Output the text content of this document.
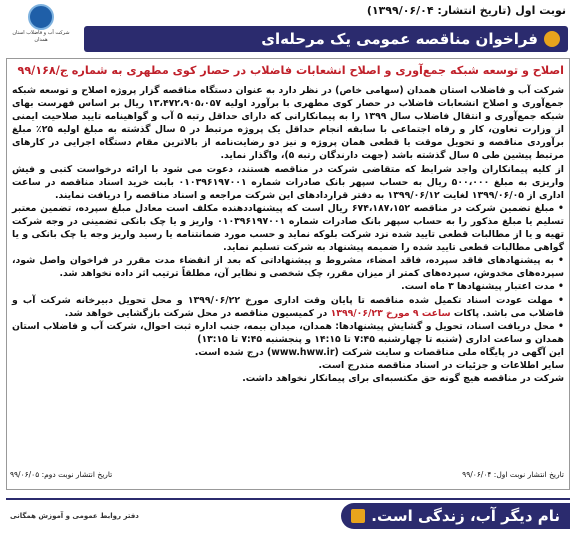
نوبت اول (تاریخ انتشار: ۱۳۹۹/۰۶/۰۴)
شرکت آب و فاضلاب استان همدان	فراخوان مناقصه عمومی یک مرحله‌ای
اصلاح و توسعه شبکه جمع‌آوری و اصلاح انشعابات فاضلاب در حصار کوی مطهری به شماره ج/۹۹/۱۶۸

شرکت آب و فاضلاب استان همدان (سهامی خاص) در نظر دارد به عنوان دستگاه مناقصه گزار پروژه اصلاح و توسعه شبکه جمع‌آوری و اصلاح انشعابات فاضلاب در حصار کوی مطهری با برآورد اولیه ۱۳،۴۷۲،۹۰۵،۰۵۷ ریال بر اساس فهرست بهای شبکه جمع‌آوری و انتقال فاضلاب سال ۱۳۹۹ را به پیمانکارانی که دارای حداقل رتبه ۵ آب و گواهینامه تایید صلاحیت ایمنی از وزارت تعاون، کار و رفاه اجتماعی با سابقه انجام حداقل یک پروژه مرتبط در ۵ سال گذشته به مبلغ اولیه ۲۵٪ مبلغ برآوردی مناقصه و تحویل موقت یا قطعی همان پروژه و نیز دو رضایت‌نامه از بالاترین مقام دستگاه اجرایی در کارهای مرتبط پیشین طی ۵ سال گذشته باشد (جهت دارندگان رتبه ۵)، واگذار نماید.

از کلیه پیمانکاران واجد شرایط که متقاضی شرکت در مناقصه هستند، دعوت می شود با ارائه درخواست کتبی و فیش واریزی به مبلغ ۵۰۰،۰۰۰ ریال به حساب سپهر بانک صادرات شماره ۰۱۰۳۹۶۱۹۷۰۰۱ بابت خرید اسناد مناقصه در ساعت اداری از ۱۳۹۹/۰۶/۰۵ لغایت ۱۳۹۹/۰۶/۱۲ به دفتر قراردادهای این شرکت مراجعه و اسناد مناقصه را دریافت نمایند.

• مبلغ تضمین شرکت در مناقصه ۶۷۴،۱۸۷،۱۵۲ ریال است که پیشنهاددهنده مکلف است معادل مبلغ سپرده، تضمین معتبر تسلیم یا مبلغ مذکور را به حساب سپهر بانک صادرات شماره ۰۱۰۳۹۶۱۹۷۰۰۱ واریز و یا چک بانکی تضمینی در وجه شرکت تهیه و یا از مطالبات قطعی تایید شده نزد شرکت بلوکه نماید و حسب مورد ضمانتنامه یا رسید واریز وجه یا چک بانکی و یا گواهی مطالبات قطعی تایید شده را ضمیمه پیشنهاد به شرکت تسلیم نماید.

• به پیشنهادهای فاقد سپرده، فاقد امضاء، مشروط و پیشنهاداتی که بعد از انقضاء مدت مقرر در فراخوان واصل شود، سپرده‌های مخدوش، سپرده‌های کمتر از میزان مقرر، چک شخصی و نظایر آن، مطلقاً ترتیب اثر داده نخواهد شد.

• مدت اعتبار پیشنهادها ۳ ماه است.

• مهلت عودت اسناد تکمیل شده مناقصه تا پایان وقت اداری مورخ ۱۳۹۹/۰۶/۲۲ و محل تحویل دبیرخانه شرکت آب و فاضلاب می باشد. پاکات ساعت ۹ مورخ ۱۳۹۹/۰۶/۲۳ در کمیسیون مناقصه در محل شرکت بازگشایی خواهد شد.

• محل دریافت اسناد، تحویل و گشایش پیشنهادها: همدان، میدان بیمه، جنب اداره ثبت احوال، شرکت آب و فاضلاب استان همدان و ساعت اداری (شنبه تا چهارشنبه ۷:۴۵ تا ۱۴:۱۵ و پنجشنبه ۷:۴۵ تا ۱۳:۱۵)

این آگهی در پایگاه ملی مناقصات و سایت شرکت (www.hww.ir) درج شده است.

سایر اطلاعات و جزئیات در اسناد مناقصه مندرج است.

شرکت در مناقصه هیچ گونه حق مکتسبه‌ای برای پیمانکار نخواهد داشت.

تاریخ انتشار نوبت اول: ۹۹/۰۶/۰۴
تاریخ انتشار نوبت دوم: ۹۹/۰۶/۰۵
دفتر روابط عمومی و آموزش همگانی	نام دیگر آب، زندگی است.
